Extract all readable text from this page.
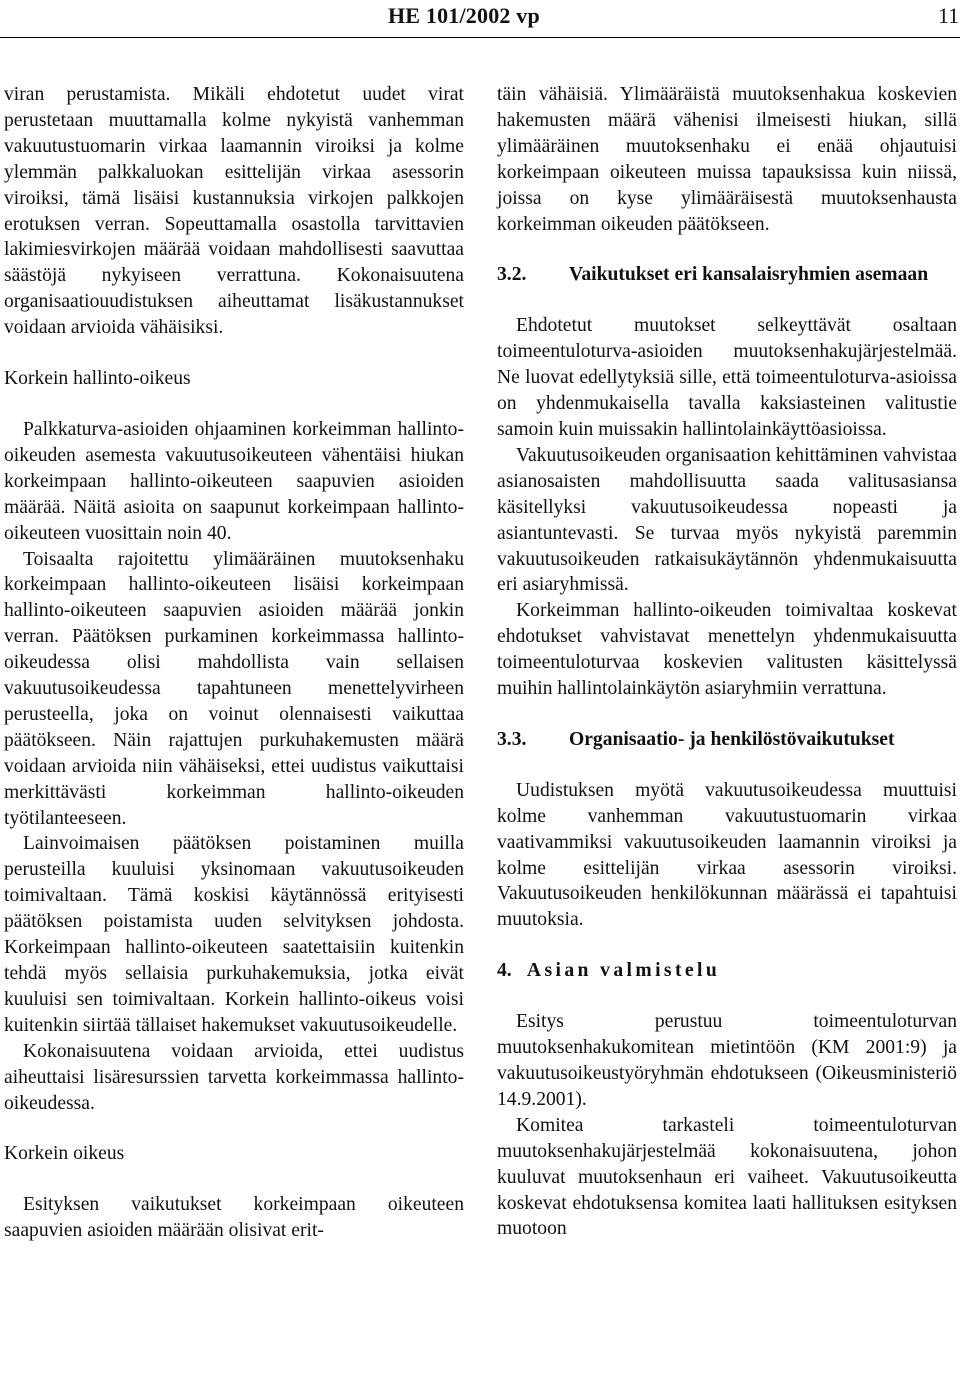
HE 101/2002 vp	11

viran perustamista. Mikäli ehdotetut uudet virat perustetaan muuttamalla kolme nykyistä vanhemman vakuutustuomarin virkaa laamannin viroiksi ja kolme ylemmän palkkaluokan esittelijän virkaa asessorin viroiksi, tämä lisäisi kustannuksia virkojen palkkojen erotuksen verran. Sopeuttamalla osastolla tarvittavien lakimiesvirkojen määrää voidaan mahdollisesti saavuttaa säästöjä nykyiseen verrattuna. Kokonaisuutena organisaatiouudistuksen aiheuttamat lisäkustannukset voidaan arvioida vähäisiksi.

Korkein hallinto-oikeus

Palkkaturva-asioiden ohjaaminen korkeimman hallinto-oikeuden asemesta vakuutusoikeuteen vähentäisi hiukan korkeimpaan hallinto-oikeuteen saapuvien asioiden määrää. Näitä asioita on saapunut korkeimpaan hallinto-oikeuteen vuosittain noin 40.

Toisaalta rajoitettu ylimääräinen muutoksenhaku korkeimpaan hallinto-oikeuteen lisäisi korkeimpaan hallinto-oikeuteen saapuvien asioiden määrää jonkin verran. Päätöksen purkaminen korkeimmassa hallinto-oikeudessa olisi mahdollista vain sellaisen vakuutusoikeudessa tapahtuneen menettelyvirheen perusteella, joka on voinut olennaisesti vaikuttaa päätökseen. Näin rajattujen purkuhakemusten määrä voidaan arvioida niin vähäiseksi, ettei uudistus vaikuttaisi merkittävästi korkeimman hallinto-oikeuden työtilanteeseen.

Lainvoimaisen päätöksen poistaminen muilla perusteilla kuuluisi yksinomaan vakuutusoikeuden toimivaltaan. Tämä koskisi käytännössä erityisesti päätöksen poistamista uuden selvityksen johdosta. Korkeimpaan hallinto-oikeuteen saatettaisiin kuitenkin tehdä myös sellaisia purkuhakemuksia, jotka eivät kuuluisi sen toimivaltaan. Korkein hallinto-oikeus voisi kuitenkin siirtää tällaiset hakemukset vakuutusoikeudelle.

Kokonaisuutena voidaan arvioida, ettei uudistus aiheuttaisi lisäresurssien tarvetta korkeimmassa hallinto-oikeudessa.

Korkein oikeus

Esityksen vaikutukset korkeimpaan oikeuteen saapuvien asioiden määrään olisivat erit-

täin vähäisiä. Ylimääräistä muutoksenhakua koskevien hakemusten määrä vähenisi ilmeisesti hiukan, sillä ylimääräinen muutoksenhaku ei enää ohjautuisi korkeimpaan oikeuteen muissa tapauksissa kuin niissä, joissa on kyse ylimääräisestä muutoksenhausta korkeimman oikeuden päätökseen.

3.2.	Vaikutukset eri kansalaisryhmien asemaan

Ehdotetut muutokset selkeyttävät osaltaan toimeentuloturva-asioiden muutoksenhakujärjestelmää. Ne luovat edellytyksiä sille, että toimeentuloturva-asioissa on yhdenmukaisella tavalla kaksiasteinen valitustie samoin kuin muissakin hallintolainkäyttöasioissa.

Vakuutusoikeuden organisaation kehittäminen vahvistaa asianosaisten mahdollisuutta saada valitusasiansa käsitellyksi vakuutusoikeudessa nopeasti ja asiantuntevasti. Se turvaa myös nykyistä paremmin vakuutusoikeuden ratkaisukäytännön yhdenmukaisuutta eri asiaryhmissä.

Korkeimman hallinto-oikeuden toimivaltaa koskevat ehdotukset vahvistavat menettelyn yhdenmukaisuutta toimeentuloturvaa koskevien valitusten käsittelyssä muihin hallintolainkäytön asiaryhmiin verrattuna.

3.3.	Organisaatio- ja henkilöstövaikutukset

Uudistuksen myötä vakuutusoikeudessa muuttuisi kolme vanhemman vakuutustuomarin virkaa vaativammiksi vakuutusoikeuden laamannin viroiksi ja kolme esittelijän virkaa asessorin viroiksi. Vakuutusoikeuden henkilökunnan määrässä ei tapahtuisi muutoksia.

4. Asian valmistelu

Esitys perustuu toimeentuloturvan muutoksenhakukomitean mietintöön (KM 2001:9) ja vakuutusoikeustyöryhmän ehdotukseen (Oikeusministeriö 14.9.2001).

Komitea tarkasteli toimeentuloturvan muutoksenhakujärjestelmää kokonaisuutena, johon kuuluvat muutoksenhaun eri vaiheet. Vakuutusoikeutta koskevat ehdotuksensa komitea laati hallituksen esityksen muotoon
